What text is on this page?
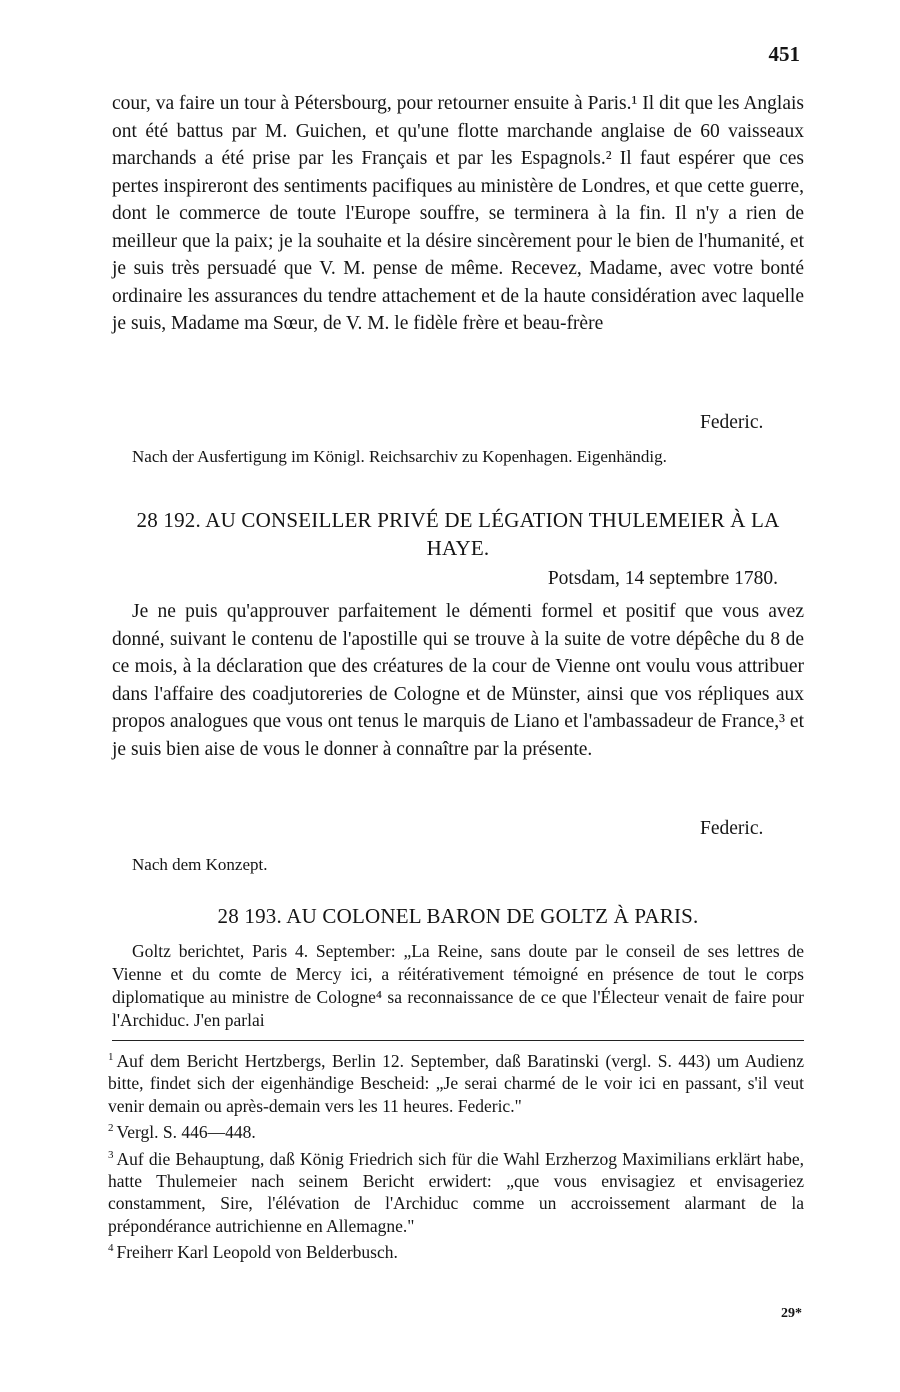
451

cour, va faire un tour à Pétersbourg, pour retourner ensuite à Paris.¹ Il dit que les Anglais ont été battus par M. Guichen, et qu'une flotte marchande anglaise de 60 vaisseaux marchands a été prise par les Français et par les Espagnols.² Il faut espérer que ces pertes inspireront des sentiments pacifiques au ministère de Londres, et que cette guerre, dont le commerce de toute l'Europe souffre, se terminera à la fin. Il n'y a rien de meilleur que la paix; je la souhaite et la désire sincèrement pour le bien de l'humanité, et je suis très persuadé que V. M. pense de même. Recevez, Madame, avec votre bonté ordinaire les assurances du tendre attachement et de la haute considération avec laquelle je suis, Madame ma Sœur, de V. M. le fidèle frère et beau-frère

Federic.
Nach der Ausfertigung im Königl. Reichsarchiv zu Kopenhagen. Eigenhändig.
28 192. AU CONSEILLER PRIVÉ DE LÉGATION THULEMEIER À LA HAYE.
Potsdam, 14 septembre 1780.

Je ne puis qu'approuver parfaitement le démenti formel et positif que vous avez donné, suivant le contenu de l'apostille qui se trouve à la suite de votre dépêche du 8 de ce mois, à la déclaration que des créatures de la cour de Vienne ont voulu vous attribuer dans l'affaire des coadjutoreries de Cologne et de Münster, ainsi que vos répliques aux propos analogues que vous ont tenus le marquis de Liano et l'ambassadeur de France,³ et je suis bien aise de vous le donner à connaître par la présente.

Federic.
Nach dem Konzept.
28 193. AU COLONEL BARON DE GOLTZ À PARIS.

Goltz berichtet, Paris 4. September: „La Reine, sans doute par le conseil de ses lettres de Vienne et du comte de Mercy ici, a réitérativement témoigné en présence de tout le corps diplomatique au ministre de Cologne⁴ sa reconnaissance de ce que l'Électeur venait de faire pour l'Archiduc. J'en parlai

$^1$ Auf dem Bericht Hertzbergs, Berlin 12. September, daß Baratinski (vergl. S. 443) um Audienz bitte, findet sich der eigenhändige Bescheid: „Je serai charmé de le voir ici en passant, s'il veut venir demain ou après-demain vers les 11 heures. Federic."

$^2$ Vergl. S. 446—448.

$^3$ Auf die Behauptung, daß König Friedrich sich für die Wahl Erzherzog Maximilians erklärt habe, hatte Thulemeier nach seinem Bericht erwidert: „que vous envisagiez et envisageriez constamment, Sire, l'élévation de l'Archiduc comme un accroissement alarmant de la prépondérance autrichienne en Allemagne."

$^4$ Freiherr Karl Leopold von Belderbusch.

29*
